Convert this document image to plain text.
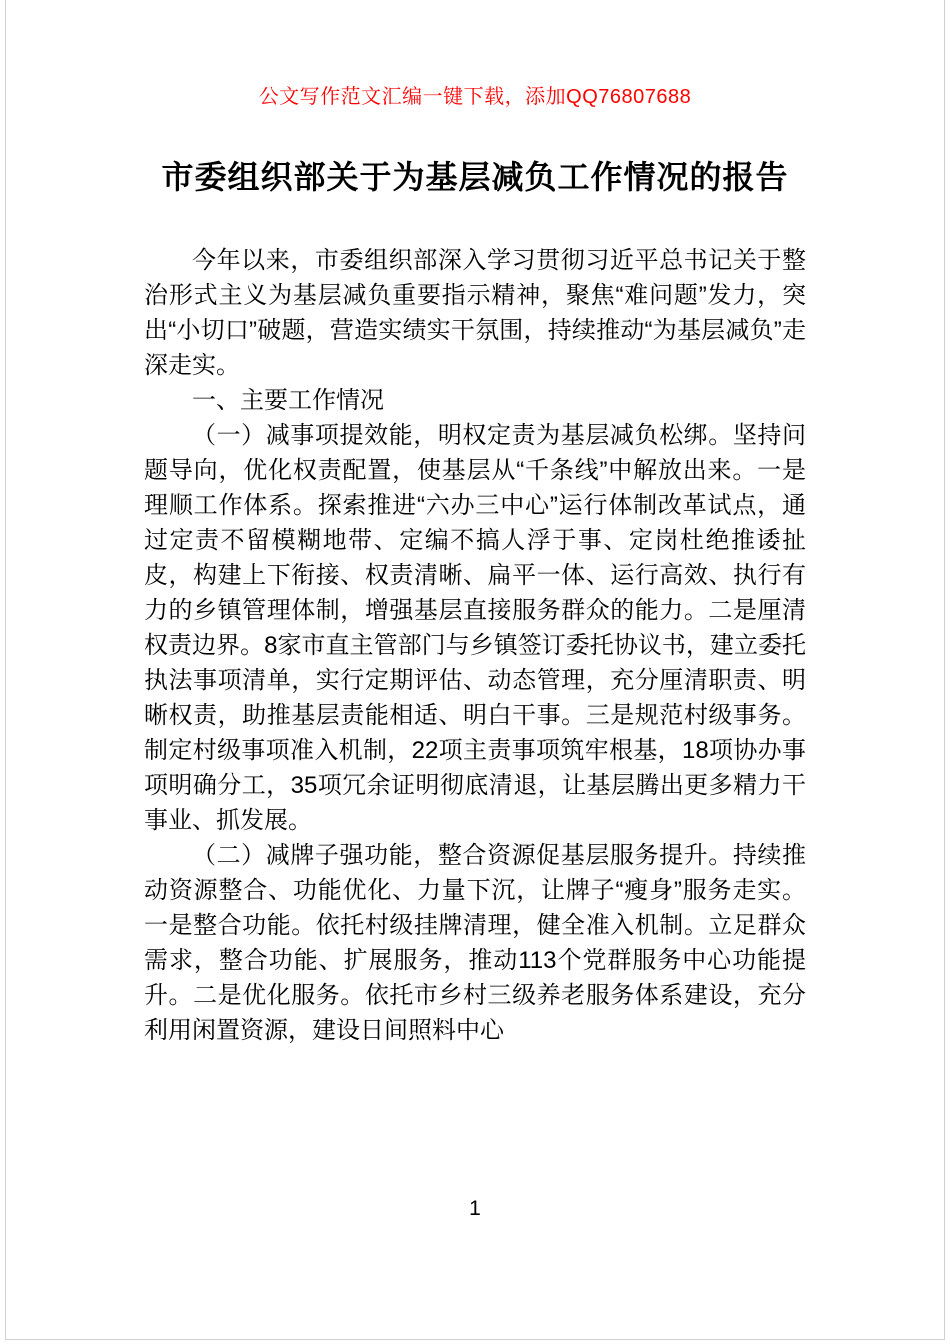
公文写作范文汇编一键下载，添加QQ76807688
市委组织部关于为基层减负工作情况的报告

今年以来，市委组织部深入学习贯彻习近平总书记关于整治形式主义为基层减负重要指示精神，聚焦“难问题”发力，突出“小切口”破题，营造实绩实干氛围，持续推动“为基层减负”走深走实。

一、主要工作情况

（一）减事项提效能，明权定责为基层减负松绑。坚持问题导向，优化权责配置，使基层从“千条线”中解放出来。一是理顺工作体系。探索推进“六办三中心”运行体制改革试点，通过定责不留模糊地带、定编不搞人浮于事、定岗杜绝推诿扯皮，构建上下衔接、权责清晰、扁平一体、运行高效、执行有力的乡镇管理体制，增强基层直接服务群众的能力。二是厘清权责边界。8家市直主管部门与乡镇签订委托协议书，建立委托执法事项清单，实行定期评估、动态管理，充分厘清职责、明晰权责，助推基层责能相适、明白干事。三是规范村级事务。制定村级事项准入机制，22项主责事项筑牢根基，18项协办事项明确分工，35项冗余证明彻底清退，让基层腾出更多精力干事业、抓发展。

（二）减牌子强功能，整合资源促基层服务提升。持续推动资源整合、功能优化、力量下沉，让牌子“瘦身”服务走实。一是整合功能。依托村级挂牌清理，健全准入机制。立足群众需求，整合功能、扩展服务，推动113个党群服务中心功能提升。二是优化服务。依托市乡村三级养老服务体系建设，充分利用闲置资源，建设日间照料中心

1
